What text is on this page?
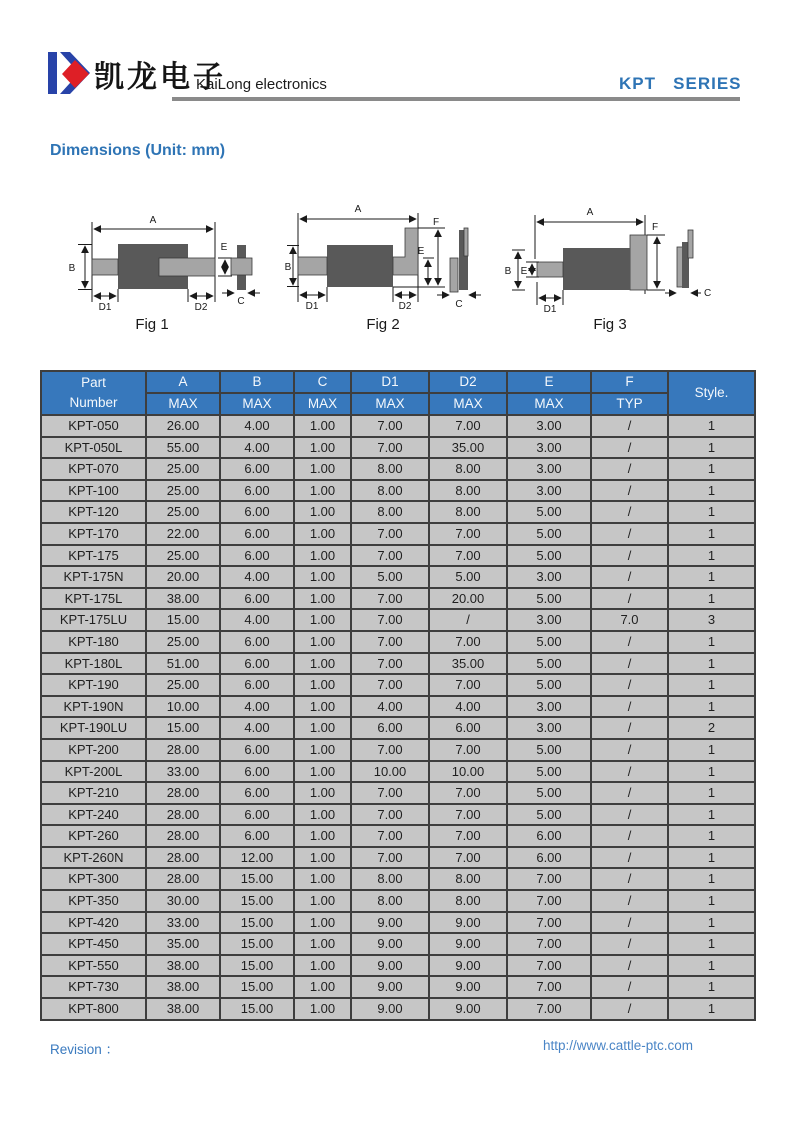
凯龙电子
KaiLong electronics	KPT   SERIES
Dimensions (Unit: mm)
A
B
E
D1	D2
C
Fig 1
A
B
E
F
D1	D2	C
Fig 2
A
B E
F
D1
C
Fig 3
Part
Number	A	B	C	D1	D2	E	F	Style.
	MAX	MAX	MAX	MAX	MAX	MAX	TYP	
KPT-050	26.00	4.00	1.00	7.00	7.00	3.00	/	1
KPT-050L	55.00	4.00	1.00	7.00	35.00	3.00	/	1
KPT-070	25.00	6.00	1.00	8.00	8.00	3.00	/	1
KPT-100	25.00	6.00	1.00	8.00	8.00	3.00	/	1
KPT-120	25.00	6.00	1.00	8.00	8.00	5.00	/	1
KPT-170	22.00	6.00	1.00	7.00	7.00	5.00	/	1
KPT-175	25.00	6.00	1.00	7.00	7.00	5.00	/	1
KPT-175N	20.00	4.00	1.00	5.00	5.00	3.00	/	1
KPT-175L	38.00	6.00	1.00	7.00	20.00	5.00	/	1
KPT-175LU	15.00	4.00	1.00	7.00	/	3.00	7.0	3
KPT-180	25.00	6.00	1.00	7.00	7.00	5.00	/	1
KPT-180L	51.00	6.00	1.00	7.00	35.00	5.00	/	1
KPT-190	25.00	6.00	1.00	7.00	7.00	5.00	/	1
KPT-190N	10.00	4.00	1.00	4.00	4.00	3.00	/	1
KPT-190LU	15.00	4.00	1.00	6.00	6.00	3.00	/	2
KPT-200	28.00	6.00	1.00	7.00	7.00	5.00	/	1
KPT-200L	33.00	6.00	1.00	10.00	10.00	5.00	/	1
KPT-210	28.00	6.00	1.00	7.00	7.00	5.00	/	1
KPT-240	28.00	6.00	1.00	7.00	7.00	5.00	/	1
KPT-260	28.00	6.00	1.00	7.00	7.00	6.00	/	1
KPT-260N	28.00	12.00	1.00	7.00	7.00	6.00	/	1
KPT-300	28.00	15.00	1.00	8.00	8.00	7.00	/	1
KPT-350	30.00	15.00	1.00	8.00	8.00	7.00	/	1
KPT-420	33.00	15.00	1.00	9.00	9.00	7.00	/	1
KPT-450	35.00	15.00	1.00	9.00	9.00	7.00	/	1
KPT-550	38.00	15.00	1.00	9.00	9.00	7.00	/	1
KPT-730	38.00	15.00	1.00	9.00	9.00	7.00	/	1
KPT-800	38.00	15.00	1.00	9.00	9.00	7.00	/	1
Revision ：	http://www.cattle-ptc.com
